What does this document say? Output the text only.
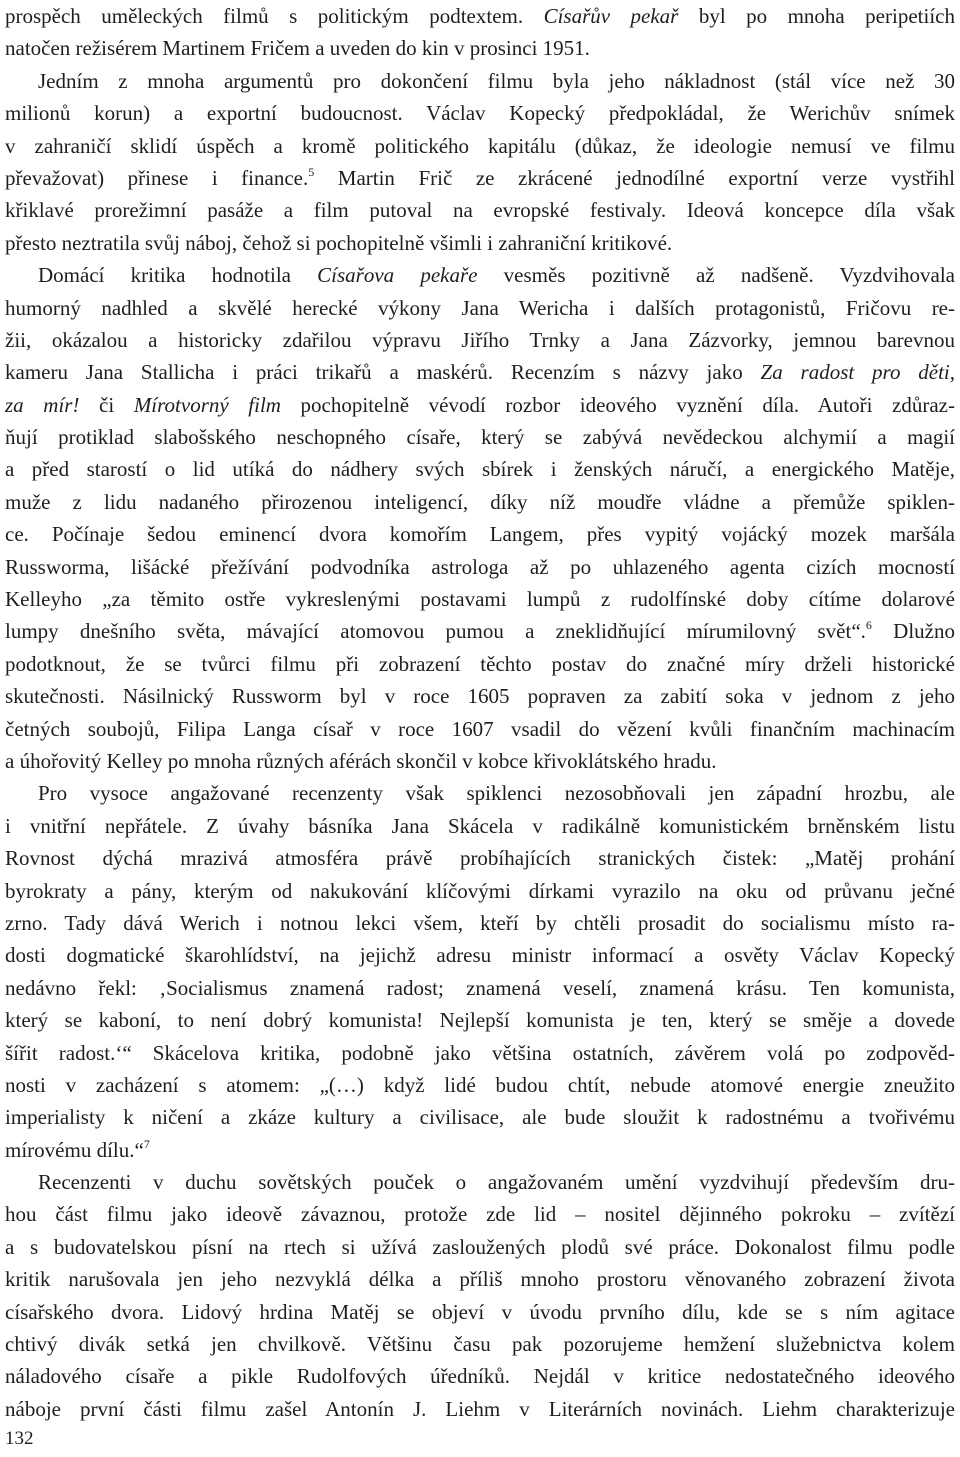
prospěch uměleckých filmů s politickým podtextem. Císařův pekař byl po mnoha peripetiích
natočen režisérem Martinem Fričem a uveden do kin v prosinci 1951.
Jedním z mnoha argumentů pro dokončení filmu byla jeho nákladnost (stál více než 30
milionů korun) a exportní budoucnost. Václav Kopecký předpokládal, že Werichův snímek
v zahraničí sklidí úspěch a kromě politického kapitálu (důkaz, že ideologie nemusí ve filmu
převažovat) přinese i finance.$^5$ Martin Frič ze zkrácené jednodílné exportní verze vystřihl
křiklavé prorežimní pasáže a film putoval na evropské festivaly. Ideová koncepce díla však
přesto neztratila svůj náboj, čehož si pochopitelně všimli i zahraniční kritikové.
Domácí kritika hodnotila Císařova pekaře vesměs pozitivně až nadšeně. Vyzdvihovala
humorný nadhled a skvělé herecké výkony Jana Wericha i dalších protagonistů, Fričovu re-
žii, okázalou a historicky zdařilou výpravu Jiřího Trnky a Jana Zázvorky, jemnou barevnou
kameru Jana Stallicha i práci trikařů a maskérů. Recenzím s názvy jako Za radost pro děti,
za mír! či Mírotvorný film pochopitelně vévodí rozbor ideového vyznění díla. Autoři zdůraz-
ňují protiklad slabošského neschopného císaře, který se zabývá nevědeckou alchymií a magií
a před starostí o lid utíká do nádhery svých sbírek i ženských náručí, a energického Matěje,
muže z lidu nadaného přirozenou inteligencí, díky níž moudře vládne a přemůže spiklen-
ce. Počínaje šedou eminencí dvora komořím Langem, přes vypitý vojácký mozek maršála
Russworma, lišácké přežívání podvodníka astrologa až po uhlazeného agenta cizích mocností
Kelleyho „za těmito ostře vykreslenými postavami lumpů z rudolfínské doby cítíme dolarové
lumpy dnešního světa, mávající atomovou pumou a zneklidňující mírumilovný svět“.$^6$ Dlužno
podotknout, že se tvůrci filmu při zobrazení těchto postav do značné míry drželi historické
skutečnosti. Násilnický Russworm byl v roce 1605 popraven za zabití soka v jednom z jeho
četných soubojů, Filipa Langa císař v roce 1607 vsadil do vězení kvůli finančním machinacím
a úhořovitý Kelley po mnoha různých aférách skončil v kobce křivoklátského hradu.
Pro vysoce angažované recenzenty však spiklenci nezosobňovali jen západní hrozbu, ale
i vnitřní nepřátele. Z úvahy básníka Jana Skácela v radikálně komunistickém brněnském listu
Rovnost dýchá mrazivá atmosféra právě probíhajících stranických čistek: „Matěj prohání
byrokraty a pány, kterým od nakukování klíčovými dírkami vyrazilo na oku od průvanu ječné
zrno. Tady dává Werich i notnou lekci všem, kteří by chtěli prosadit do socialismu místo ra-
dosti dogmatické škarohlídství, na jejichž adresu ministr informací a osvěty Václav Kopecký
nedávno řekl: ‚Socialismus znamená radost; znamená veselí, znamená krásu. Ten komunista,
který se kaboní, to není dobrý komunista! Nejlepší komunista je ten, který se směje a dovede
šířit radost.‘“ Skácelova kritika, podobně jako většina ostatních, závěrem volá po zodpověd-
nosti v zacházení s atomem: „(…) když lidé budou chtít, nebude atomové energie zneužito
imperialisty k ničení a zkáze kultury a civilisace, ale bude sloužit k radostnému a tvořivému
mírovému dílu.“$^7$
Recenzenti v duchu sovětských pouček o angažovaném umění vyzdvihují především dru-
hou část filmu jako ideově závaznou, protože zde lid – nositel dějinného pokroku – zvítězí
a s budovatelskou písní na rtech si užívá zasloužených plodů své práce. Dokonalost filmu podle
kritik narušovala jen jeho nezvyklá délka a příliš mnoho prostoru věnovaného zobrazení života
císařského dvora. Lidový hrdina Matěj se objeví v úvodu prvního dílu, kde se s ním agitace
chtivý divák setká jen chvilkově. Většinu času pak pozorujeme hemžení služebnictva kolem
náladového císaře a pikle Rudolfových úředníků. Nejdál v kritice nedostatečného ideového
náboje první části filmu zašel Antonín J. Liehm v Literárních novinách. Liehm charakterizuje
132
